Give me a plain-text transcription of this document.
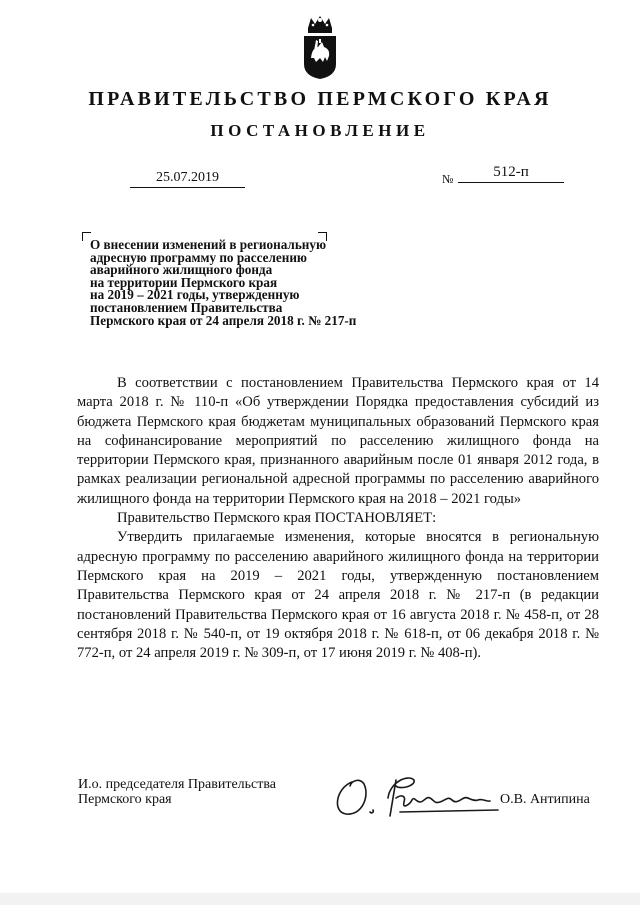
ПРАВИТЕЛЬСТВО ПЕРМСКОГО КРАЯ
ПОСТАНОВЛЕНИЕ
25.07.2019	№	512-п
О внесении изменений в региональную
адресную программу по расселению
аварийного жилищного фонда
на территории Пермского края
на 2019 – 2021 годы, утвержденную
постановлением Правительства
Пермского края от 24 апреля 2018 г. № 217-п

В соответствии с постановлением Правительства Пермского края от 14 марта 2018 г. № 110-п «Об утверждении Порядка предоставления субсидий из бюджета Пермского края бюджетам муниципальных образований Пермского края на софинансирование мероприятий по расселению жилищного фонда на территории Пермского края, признанного аварийным после 01 января 2012 года, в рамках реализации региональной адресной программы по расселению аварийного жилищного фонда на территории Пермского края на 2018 – 2021 годы»

Правительство Пермского края ПОСТАНОВЛЯЕТ:

Утвердить прилагаемые изменения, которые вносятся в региональную адресную программу по расселению аварийного жилищного фонда на территории Пермского края на 2019 – 2021 годы, утвержденную постановлением Правительства Пермского края от 24 апреля 2018 г. № 217-п (в редакции постановлений Правительства Пермского края от 16 августа 2018 г. № 458-п, от 28 сентября 2018 г. № 540-п, от 19 октября 2018 г. № 618-п, от 06 декабря 2018 г. № 772-п, от 24 апреля 2019 г. № 309-п, от 17 июня 2019 г. № 408-п).

И.о. председателя Правительства
Пермского края	О.В. Антипина
